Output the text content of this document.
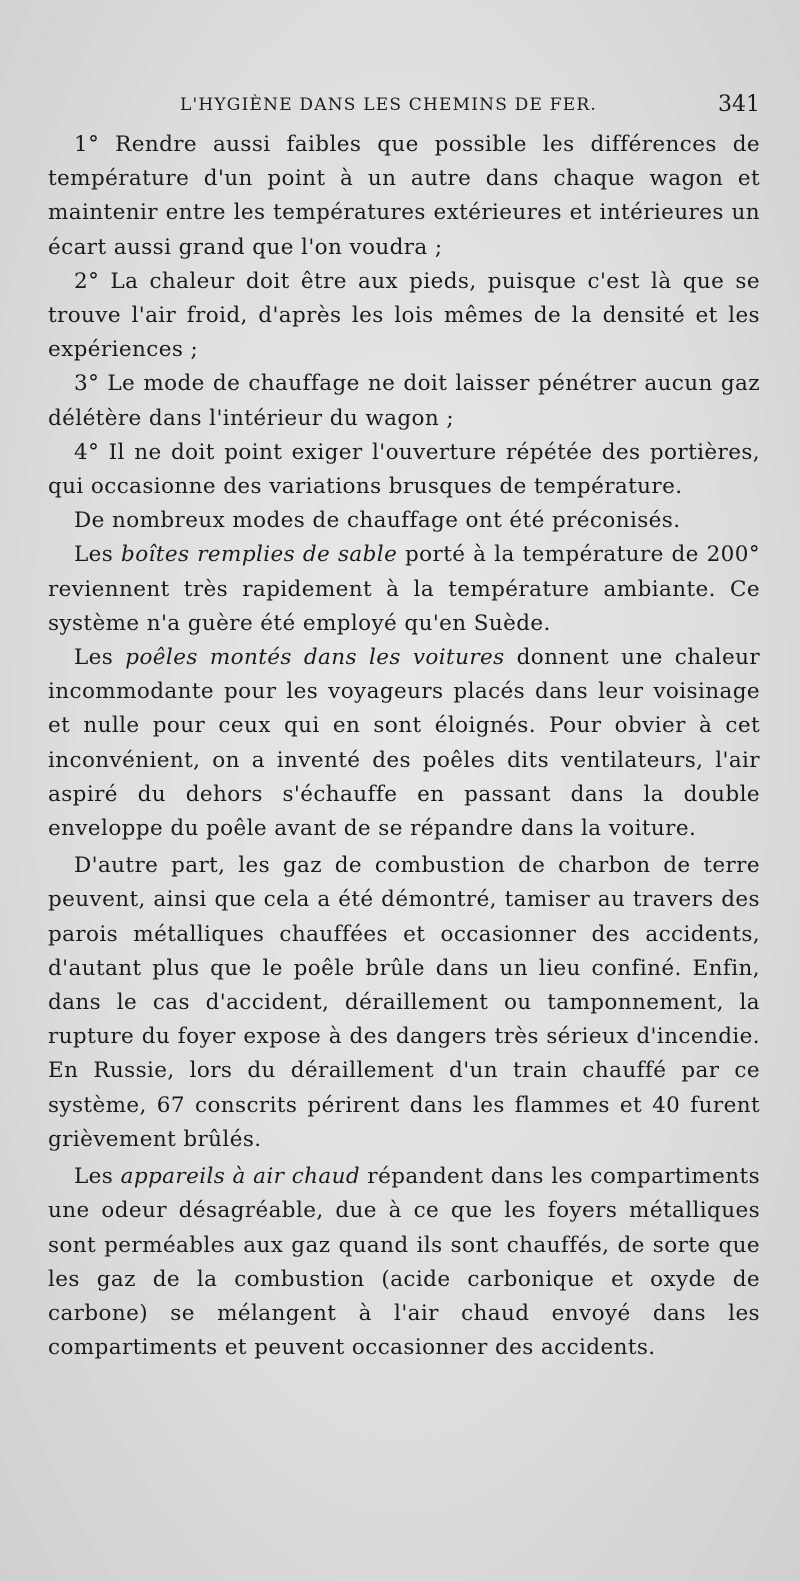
L'HYGIÈNE DANS LES CHEMINS DE FER.	341

1° Rendre aussi faibles que possible les différences de température d'un point à un autre dans chaque wagon et maintenir entre les températures extérieures et intérieures un écart aussi grand que l'on voudra ;

2° La chaleur doit être aux pieds, puisque c'est là que se trouve l'air froid, d'après les lois mêmes de la densité et les expériences ;

3° Le mode de chauffage ne doit laisser pénétrer aucun gaz délétère dans l'intérieur du wagon ;

4° Il ne doit point exiger l'ouverture répétée des portières, qui occasionne des variations brusques de température.

De nombreux modes de chauffage ont été préconisés.

Les boîtes remplies de sable porté à la température de 200° reviennent très rapidement à la température ambiante. Ce système n'a guère été employé qu'en Suède.

Les poêles montés dans les voitures donnent une chaleur incommodante pour les voyageurs placés dans leur voisinage et nulle pour ceux qui en sont éloignés. Pour obvier à cet inconvénient, on a inventé des poêles dits ventilateurs, l'air aspiré du dehors s'échauffe en passant dans la double enveloppe du poêle avant de se répandre dans la voiture.

D'autre part, les gaz de combustion de charbon de terre peuvent, ainsi que cela a été démontré, tamiser au travers des parois métalliques chauffées et occasionner des accidents, d'autant plus que le poêle brûle dans un lieu confiné. Enfin, dans le cas d'accident, déraillement ou tamponnement, la rupture du foyer expose à des dangers très sérieux d'incendie. En Russie, lors du déraillement d'un train chauffé par ce système, 67 conscrits périrent dans les flammes et 40 furent grièvement brûlés.

Les appareils à air chaud répandent dans les compartiments une odeur désagréable, due à ce que les foyers métalliques sont perméables aux gaz quand ils sont chauffés, de sorte que les gaz de la combustion (acide carbonique et oxyde de carbone) se mélangent à l'air chaud envoyé dans les compartiments et peuvent occasionner des accidents.
